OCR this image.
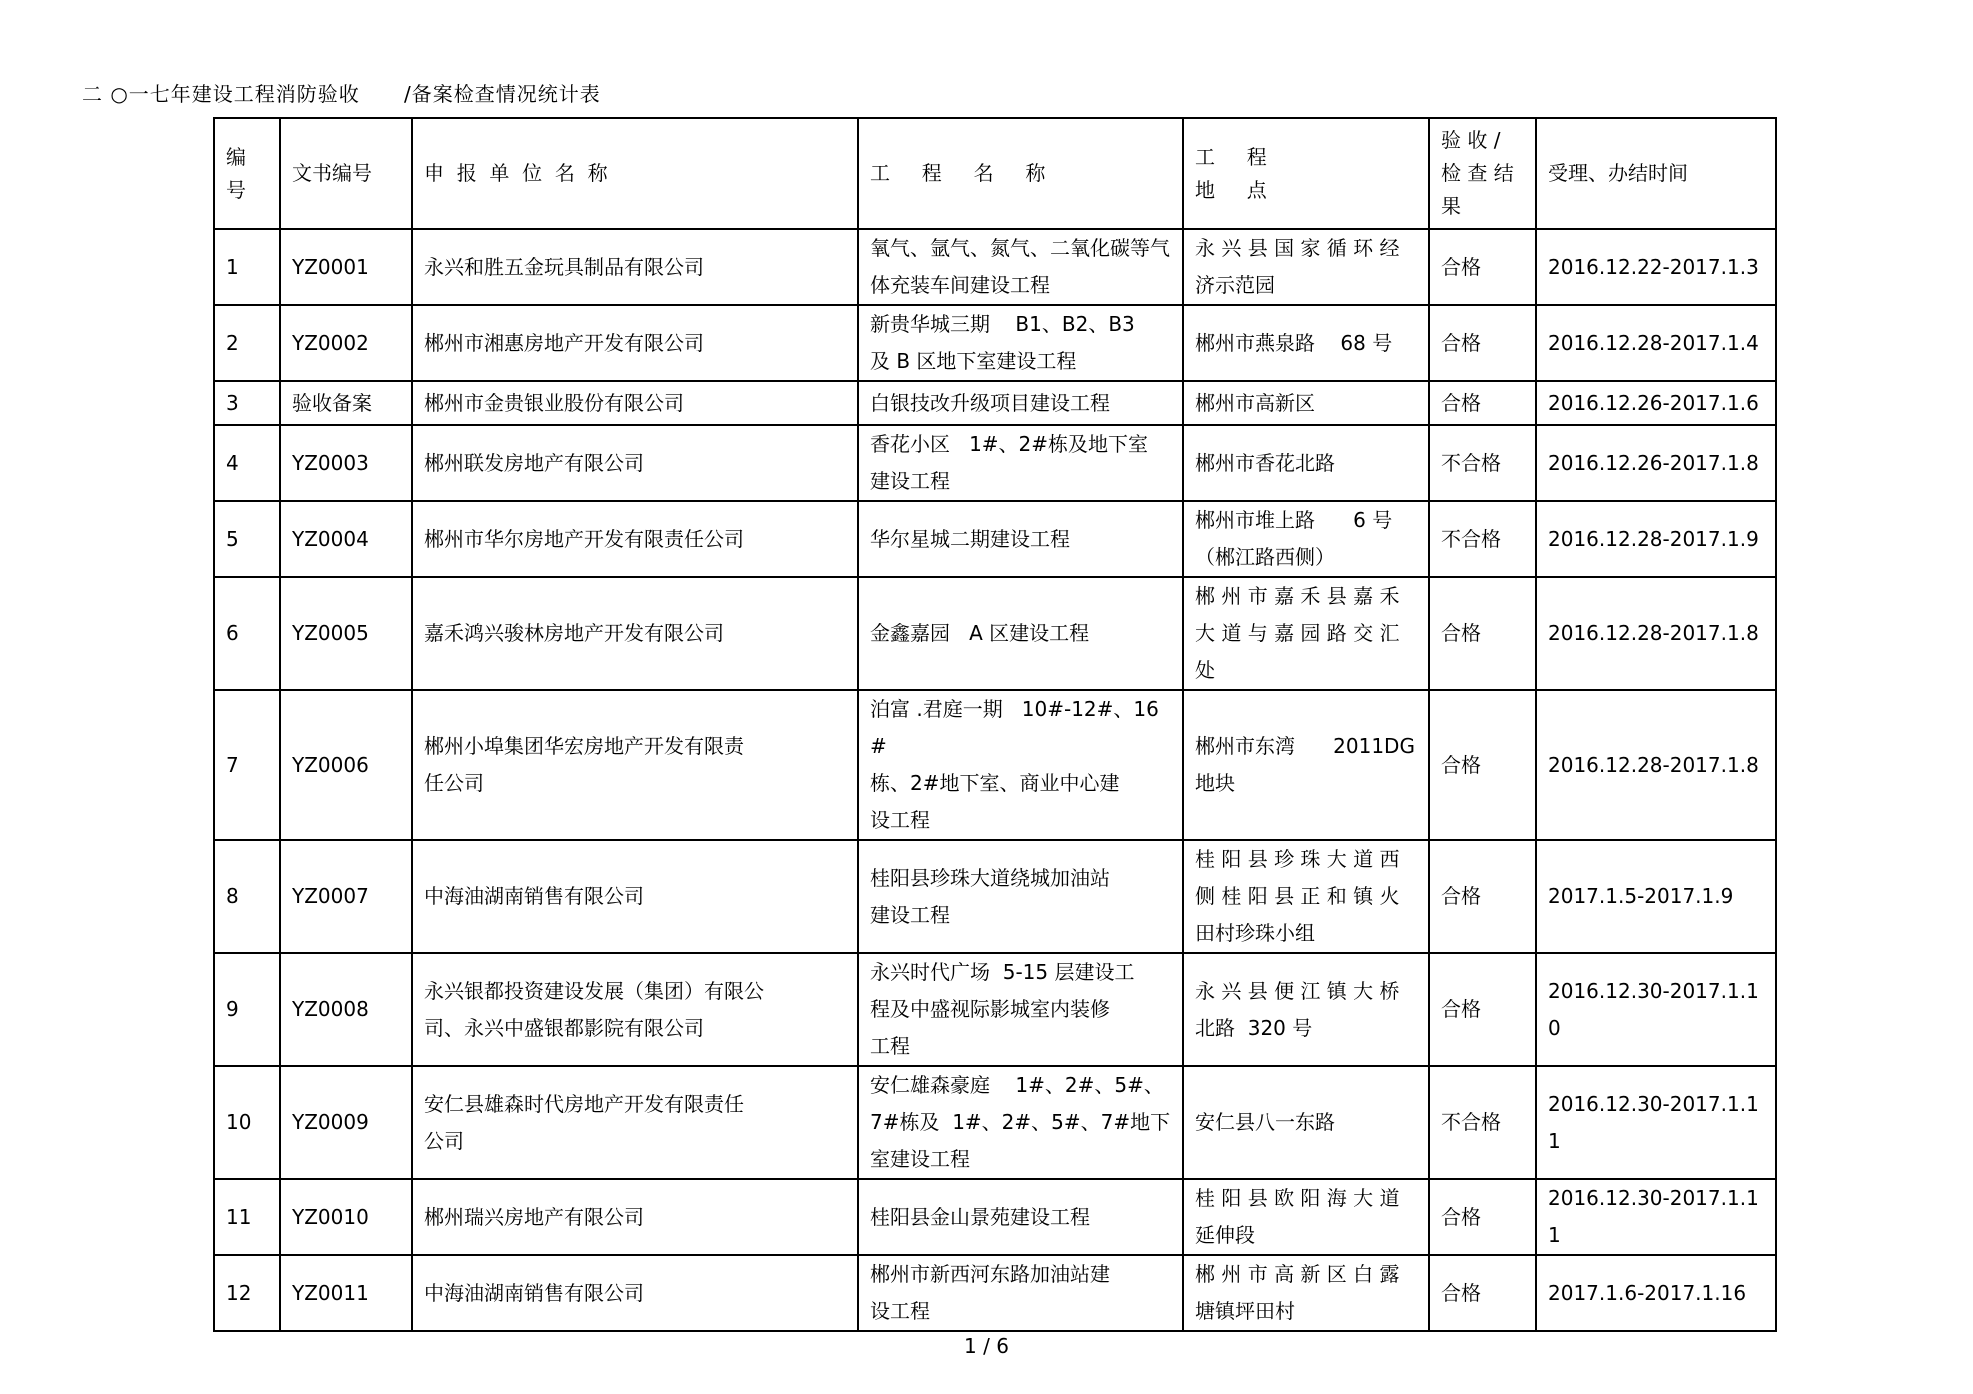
二 ○一七年建设工程消防验收      /备案检查情况统计表
编
号	文书编号	申  报  单  位  名  称	工     程     名     称	工     程
地     点	验 收 /
检 查 结
果	受理、办结时间
1	YZ0001	永兴和胜五金玩具制品有限公司	氧气、氩气、氮气、二氧化碳等气体充装车间建设工程	永 兴 县 国 家 循 环 经
济示范园	合格	2016.12.22-2017.1.3
2	YZ0002	郴州市湘惠房地产开发有限公司	新贵华城三期    B1、B2、B3
及 B 区地下室建设工程	郴州市燕泉路    68 号	合格	2016.12.28-2017.1.4
3	验收备案	郴州市金贵银业股份有限公司	白银技改升级项目建设工程	郴州市高新区	合格	2016.12.26-2017.1.6
4	YZ0003	郴州联发房地产有限公司	香花小区   1#、2#栋及地下室
建设工程	郴州市香花北路	不合格	2016.12.26-2017.1.8
5	YZ0004	郴州市华尔房地产开发有限责任公司	华尔星城二期建设工程	郴州市堆上路      6 号
（郴江路西侧）	不合格	2016.12.28-2017.1.9
6	YZ0005	嘉禾鸿兴骏林房地产开发有限公司	金鑫嘉园   A 区建设工程	郴 州 市 嘉 禾 县 嘉 禾
大 道 与 嘉 园 路 交 汇
处	合格	2016.12.28-2017.1.8
7	YZ0006	郴州小埠集团华宏房地产开发有限责
任公司	泊富 .君庭一期   10#-12#、16#
栋、2#地下室、商业中心建
设工程	郴州市东湾      2011DG
地块	合格	2016.12.28-2017.1.8
8	YZ0007	中海油湖南销售有限公司	桂阳县珍珠大道绕城加油站
建设工程	桂 阳 县 珍 珠 大 道 西
侧 桂 阳 县 正 和 镇 火
田村珍珠小组	合格	2017.1.5-2017.1.9
9	YZ0008	永兴银都投资建设发展（集团）有限公
司、永兴中盛银都影院有限公司	永兴时代广场  5-15 层建设工
程及中盛视际影城室内装修
工程	永 兴 县 便 江 镇 大 桥
北路  320 号	合格	2016.12.30-2017.1.1
0
10	YZ0009	安仁县雄森时代房地产开发有限责任
公司	安仁雄森豪庭    1#、2#、5#、
7#栋及  1#、2#、5#、7#地下
室建设工程	安仁县八一东路	不合格	2016.12.30-2017.1.1
1
11	YZ0010	郴州瑞兴房地产有限公司	桂阳县金山景苑建设工程	桂 阳 县 欧 阳 海 大 道
延伸段	合格	2016.12.30-2017.1.1
1
12	YZ0011	中海油湖南销售有限公司	郴州市新西河东路加油站建
设工程	郴 州 市 高 新 区 白 露
塘镇坪田村	合格	2017.1.6-2017.1.16
1 / 6
